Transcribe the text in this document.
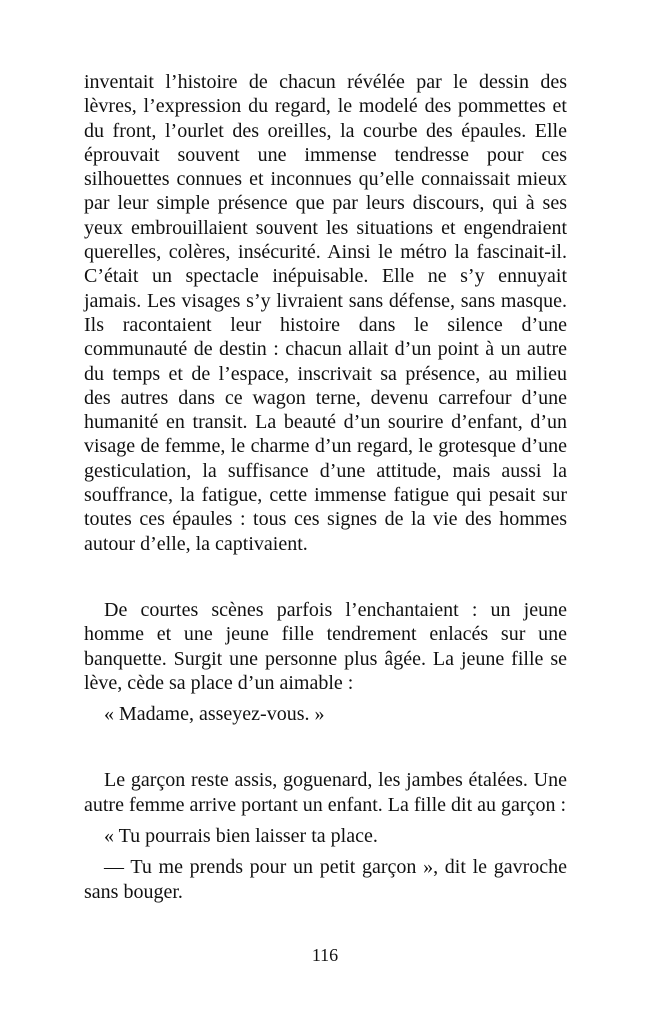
inventait l’histoire de chacun révélée par le dessin des lèvres, l’expression du regard, le modelé des pommettes et du front, l’ourlet des oreilles, la courbe des épaules. Elle éprouvait souvent une immense tendresse pour ces silhouettes connues et inconnues qu’elle connaissait mieux par leur simple présence que par leurs discours, qui à ses yeux embrouillaient souvent les situations et engendraient querelles, colères, insécurité. Ainsi le métro la fascinait-il. C’était un spectacle inépuisable. Elle ne s’y ennuyait jamais. Les visages s’y livraient sans défense, sans masque. Ils racontaient leur histoire dans le silence d’une communauté de destin : chacun allait d’un point à un autre du temps et de l’espace, inscrivait sa présence, au milieu des autres dans ce wagon terne, devenu carrefour d’une humanité en transit. La beauté d’un sourire d’enfant, d’un visage de femme, le charme d’un regard, le grotesque d’une gesticulation, la suffisance d’une attitude, mais aussi la souffrance, la fatigue, cette immense fatigue qui pesait sur toutes ces épaules : tous ces signes de la vie des hommes autour d’elle, la captivaient.

De courtes scènes parfois l’enchantaient : un jeune homme et une jeune fille tendrement enlacés sur une banquette. Surgit une personne plus âgée. La jeune fille se lève, cède sa place d’un aimable :

« Madame, asseyez-vous. »

Le garçon reste assis, goguenard, les jambes étalées. Une autre femme arrive portant un enfant. La fille dit au garçon :

« Tu pourrais bien laisser ta place.

— Tu me prends pour un petit garçon », dit le gavroche sans bouger.

116
